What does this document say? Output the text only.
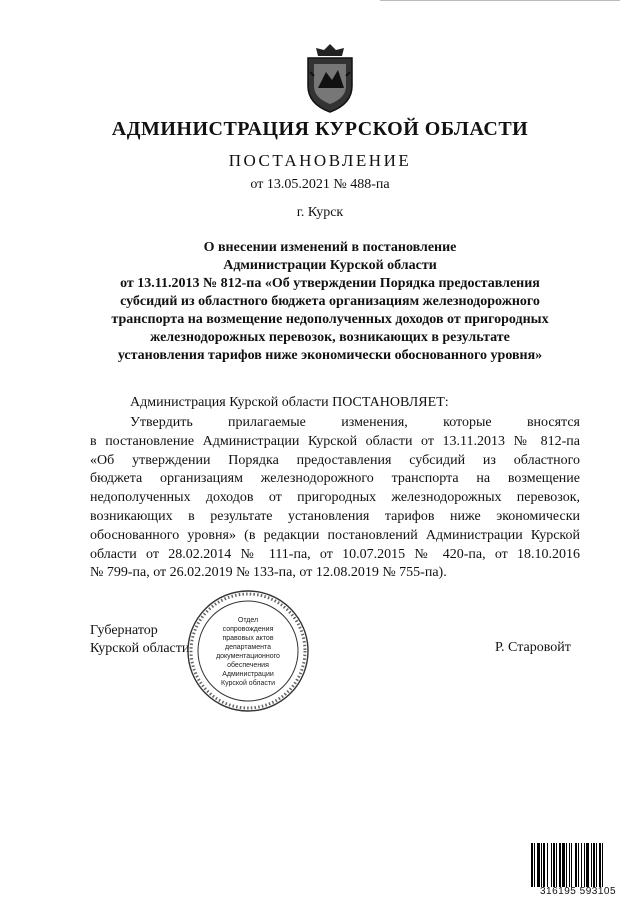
АДМИНИСТРАЦИЯ КУРСКОЙ ОБЛАСТИ
ПОСТАНОВЛЕНИЕ
от 13.05.2021 № 488-па
г. Курск
О внесении изменений в постановление
Администрации Курской области
от 13.11.2013 № 812-па «Об утверждении Порядка предоставления
субсидий из областного бюджета организациям железнодорожного
транспорта на возмещение недополученных доходов от пригородных
железнодорожных перевозок, возникающих в результате
установления тарифов ниже экономически обоснованного уровня»
Администрация Курской области ПОСТАНОВЛЯЕТ:
Утвердить прилагаемые изменения, которые вносятся
в постановление Администрации Курской области от 13.11.2013 № 812-па
«Об утверждении Порядка предоставления субсидий из областного
бюджета организациям железнодорожного транспорта на возмещение
недополученных доходов от пригородных железнодорожных перевозок,
возникающих в результате установления тарифов ниже экономически
обоснованного уровня» (в редакции постановлений Администрации Курской
области от 28.02.2014 № 111-па, от 10.07.2015 № 420-па, от 18.10.2016
№ 799-па, от 26.02.2019 № 133-па, от 12.08.2019 № 755-па).
Губернатор
Курской области	Р. Старовойт
Отдел
сопровождения
правовых актов
департамента
документационного
обеспечения
Администрации
Курской области
316195 593105
